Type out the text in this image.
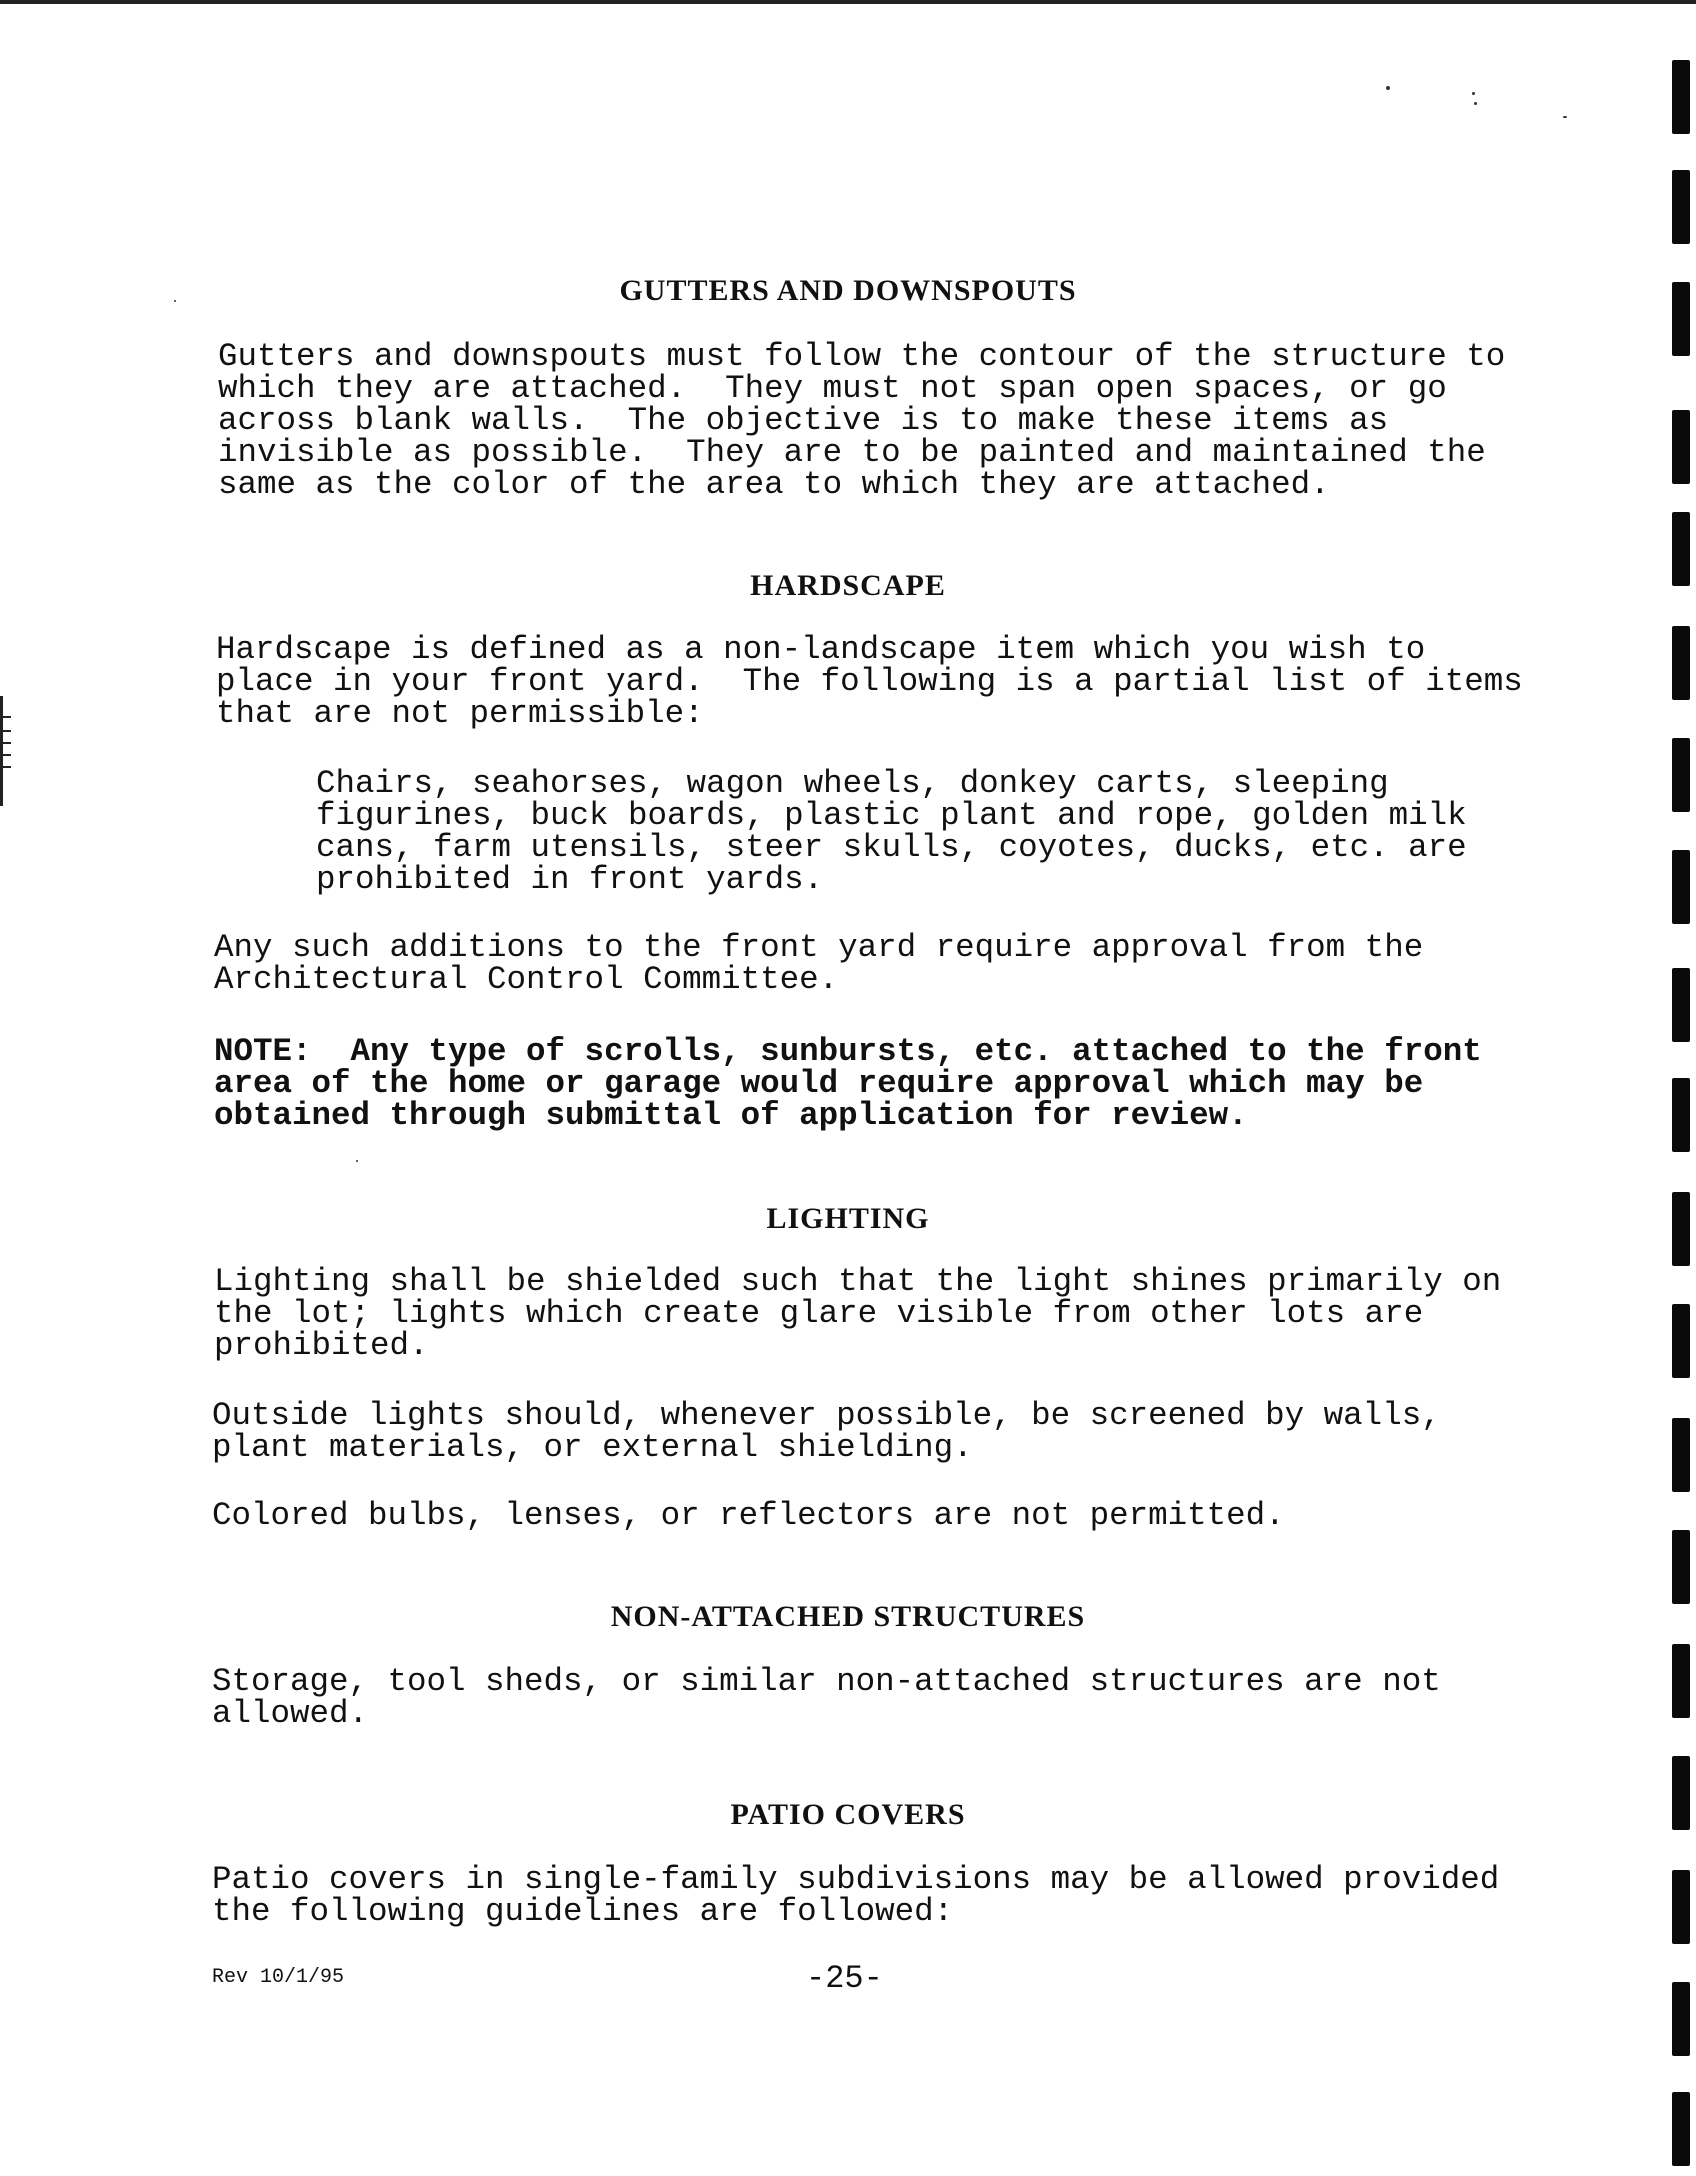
GUTTERS AND DOWNSPOUTS

Gutters and downspouts must follow the contour of the structure to

which they are attached.  They must not span open spaces, or go

across blank walls.  The objective is to make these items as

invisible as possible.  They are to be painted and maintained the

same as the color of the area to which they are attached.

HARDSCAPE

Hardscape is defined as a non-landscape item which you wish to

place in your front yard.  The following is a partial list of items

that are not permissible:

Chairs, seahorses, wagon wheels, donkey carts, sleeping

figurines, buck boards, plastic plant and rope, golden milk

cans, farm utensils, steer skulls, coyotes, ducks, etc. are

prohibited in front yards.

Any such additions to the front yard require approval from the

Architectural Control Committee.

NOTE:  Any type of scrolls, sunbursts, etc. attached to the front

area of the home or garage would require approval which may be

obtained through submittal of application for review.

LIGHTING

Lighting shall be shielded such that the light shines primarily on

the lot; lights which create glare visible from other lots are

prohibited.

Outside lights should, whenever possible, be screened by walls,

plant materials, or external shielding.

Colored bulbs, lenses, or reflectors are not permitted.

NON-ATTACHED STRUCTURES

Storage, tool sheds, or similar non-attached structures are not

allowed.

PATIO COVERS

Patio covers in single-family subdivisions may be allowed provided

the following guidelines are followed:

Rev 10/1/95	-25-
